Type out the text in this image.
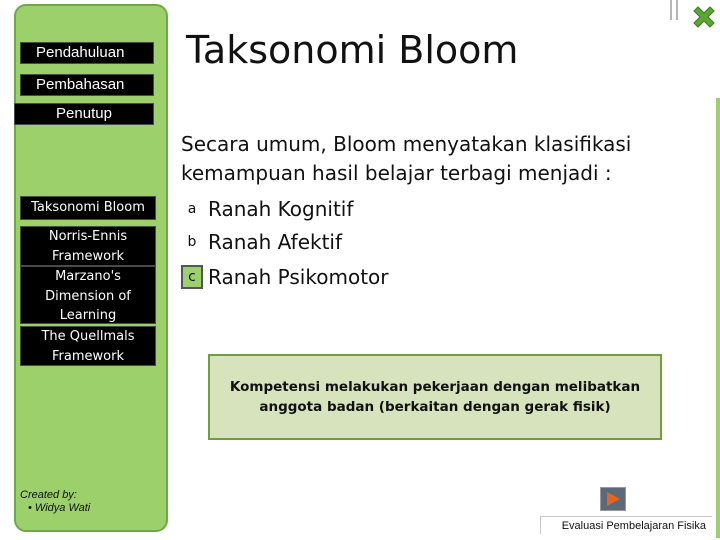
Pendahuluan
Pembahasan
Penutup
Taksonomi Bloom
Norris-Ennis Framework
Marzano's Dimension of Learning
The Quellmals Framework
Taksonomi Bloom
Secara umum, Bloom menyatakan klasifikasi kemampuan hasil belajar terbagi menjadi :
a Ranah Kognitif
b Ranah Afektif
c Ranah Psikomotor
Kompetensi melakukan pekerjaan dengan melibatkan anggota badan (berkaitan dengan gerak fisik)
Created by:
• Widya Wati
Evaluasi Pembelajaran Fisika
